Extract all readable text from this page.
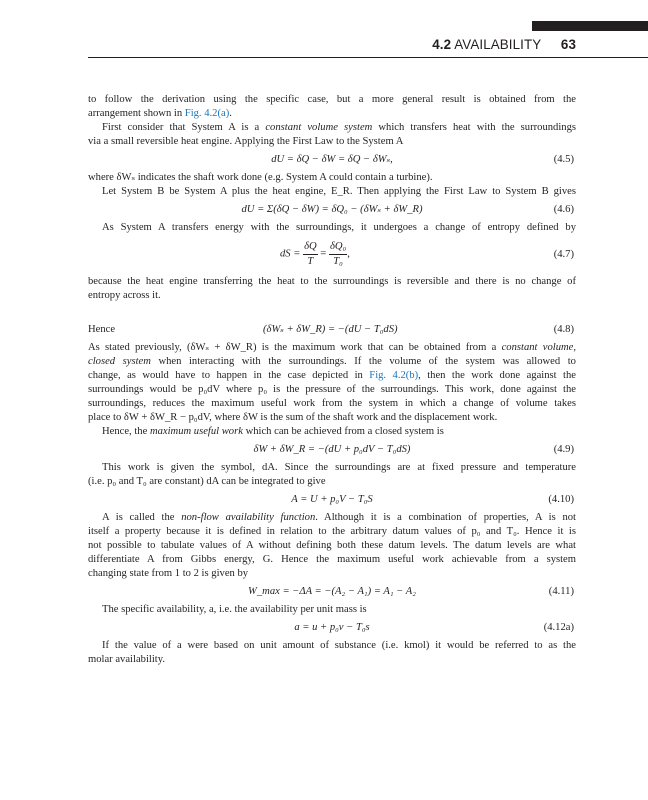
4.2 AVAILABILITY 63

to follow the derivation using the specific case, but a more general result is obtained from the
arrangement shown in Fig. 4.2(a).

First consider that System A is a constant volume system which transfers heat with the surroundings
via a small reversible heat engine. Applying the First Law to the System A

dU = δQ − δW = δQ − δWₛ,	(4.5)

where δWₛ indicates the shaft work done (e.g. System A could contain a turbine).

Let System B be System A plus the heat engine, E_R. Then applying the First Law to System B gives

dU = Σ(δQ − δW) = δQ₀ − (δWₛ + δW_R)	(4.6)

As System A transfers energy with the surroundings, it undergoes a change of entropy defined by

dS = $\frac{\delta Q}{T} = \frac{\text{δQ₀}}{\text{T₀}}$ ,	(4.7)

because the heat engine transferring the heat to the surroundings is reversible and there is no change of
entropy across it.

Hence	(δWₛ + δW_R) = −(dU − T₀dS)	(4.8)

As stated previously, (δWₛ + δW_R) is the maximum work that can be obtained from a constant volume,
closed system when interacting with the surroundings. If the volume of the system was allowed to
change, as would have to happen in the case depicted in Fig. 4.2(b), then the work done against the
surroundings would be p₀dV where p₀ is the pressure of the surroundings. This work, done against the
surroundings, reduces the maximum useful work from the system in which a change of volume takes
place to δW + δW_R − p₀dV, where δW is the sum of the shaft work and the displacement work.

Hence, the maximum useful work which can be achieved from a closed system is

δW + δW_R = −(dU + p₀dV − T₀dS)	(4.9)

This work is given the symbol, dA. Since the surroundings are at fixed pressure and temperature
(i.e. p₀ and T₀ are constant) dA can be integrated to give

A = U + p₀V − T₀S	(4.10)

A is called the non-flow availability function. Although it is a combination of properties, A is not
itself a property because it is defined in relation to the arbitrary datum values of p₀ and T₀. Hence it is
not possible to tabulate values of A without defining both these datum levels. The datum levels are what
differentiate A from Gibbs energy, G. Hence the maximum useful work achievable from a system
changing state from 1 to 2 is given by

W_max = −ΔA = −(A₂ − A₁) = A₁ − A₂	(4.11)

The specific availability, a, i.e. the availability per unit mass is

a = u + p₀v − T₀s	(4.12a)

If the value of a were based on unit amount of substance (i.e. kmol) it would be referred to as the
molar availability.
